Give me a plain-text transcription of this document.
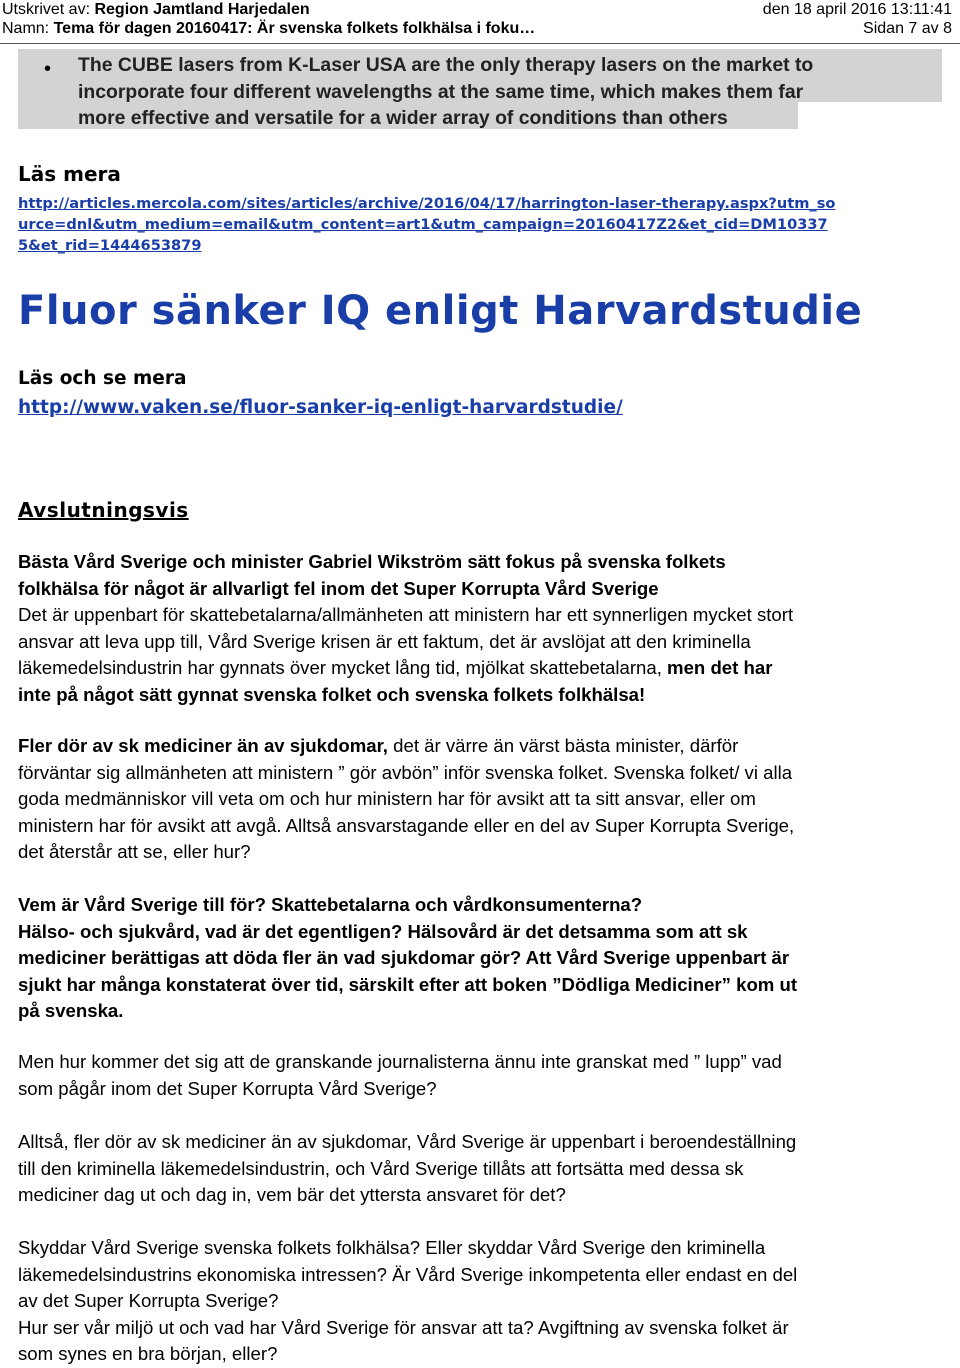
Utskrivet av: Region Jamtland Harjedalen	den 18 april 2016 13:11:41
Namn: Tema för dagen 20160417: Är svenska folkets folkhälsa i foku…	Sidan 7 av 8
• The CUBE lasers from K-Laser USA are the only therapy lasers on the market to
incorporate four different wavelengths at the same time, which makes them far
more effective and versatile for a wider array of conditions than others
Läs mera
http://articles.mercola.com/sites/articles/archive/2016/04/17/harrington-laser-therapy.aspx?utm_so
urce=dnl&utm_medium=email&utm_content=art1&utm_campaign=20160417Z2&et_cid=DM10337
5&et_rid=1444653879
Fluor sänker IQ enligt Harvardstudie
Läs och se mera
http://www.vaken.se/fluor-sanker-iq-enligt-harvardstudie/
Avslutningsvis
Bästa Vård Sverige och minister Gabriel Wikström sätt fokus på svenska folkets
folkhälsa för något är allvarligt fel inom det Super Korrupta Vård Sverige
Det är uppenbart för skattebetalarna/allmänheten att ministern har ett synnerligen mycket stort
ansvar att leva upp till, Vård Sverige krisen är ett faktum, det är avslöjat att den kriminella
läkemedelsindustrin har gynnats över mycket lång tid, mjölkat skattebetalarna, men det har
inte på något sätt gynnat svenska folket och svenska folkets folkhälsa!
Fler dör av sk mediciner än av sjukdomar, det är värre än värst bästa minister, därför
förväntar sig allmänheten att ministern ” gör avbön” inför svenska folket. Svenska folket/ vi alla
goda medmänniskor vill veta om och hur ministern har för avsikt att ta sitt ansvar, eller om
ministern har för avsikt att avgå. Alltså ansvarstagande eller en del av Super Korrupta Sverige,
det återstår att se, eller hur?
Vem är Vård Sverige till för? Skattebetalarna och vårdkonsumenterna?
Hälso- och sjukvård, vad är det egentligen? Hälsovård är det detsamma som att sk
mediciner berättigas att döda fler än vad sjukdomar gör? Att Vård Sverige uppenbart är
sjukt har många konstaterat över tid, särskilt efter att boken ”Dödliga Mediciner” kom ut
på svenska.
Men hur kommer det sig att de granskande journalisterna ännu inte granskat med ” lupp” vad
som pågår inom det Super Korrupta Vård Sverige?
Alltså, fler dör av sk mediciner än av sjukdomar, Vård Sverige är uppenbart i beroendeställning
till den kriminella läkemedelsindustrin, och Vård Sverige tillåts att fortsätta med dessa sk
mediciner dag ut och dag in, vem bär det yttersta ansvaret för det?
Skyddar Vård Sverige svenska folkets folkhälsa? Eller skyddar Vård Sverige den kriminella
läkemedelsindustrins ekonomiska intressen? Är Vård Sverige inkompetenta eller endast en del
av det Super Korrupta Sverige?
Hur ser vår miljö ut och vad har Vård Sverige för ansvar att ta? Avgiftning av svenska folket är
som synes en bra början, eller?
